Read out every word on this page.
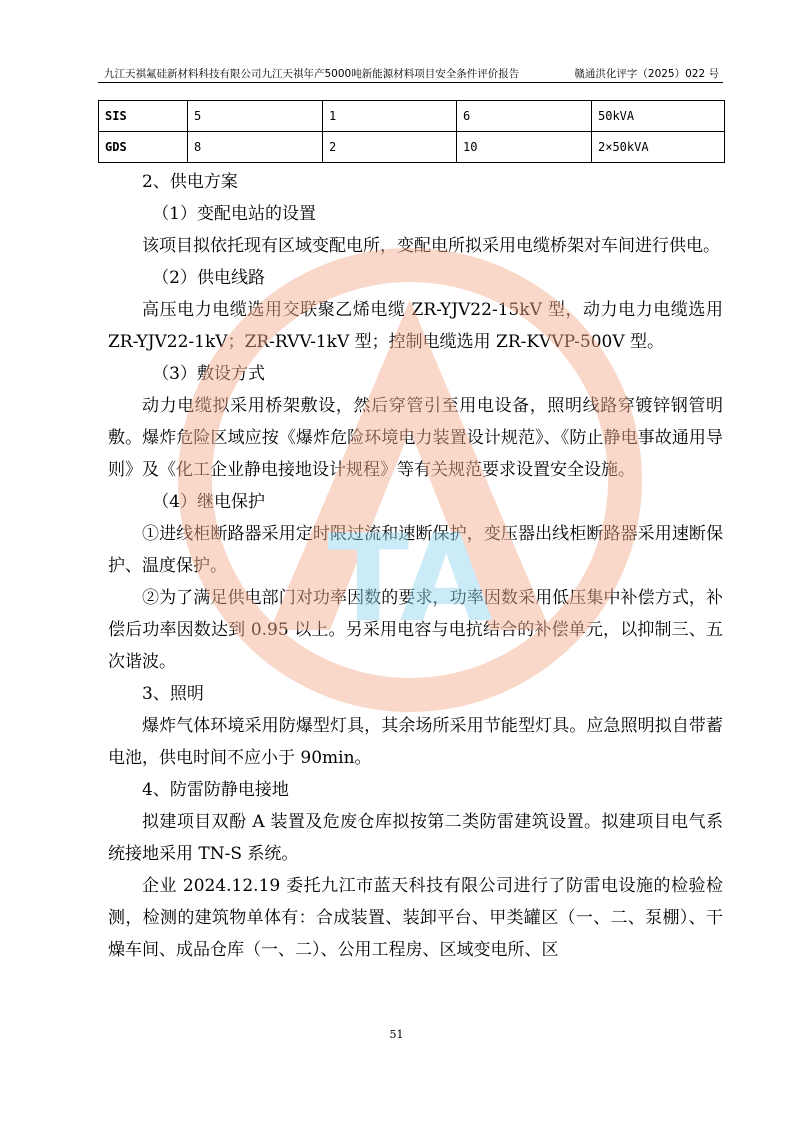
九江天祺氟硅新材料科技有限公司九江天祺年产5000吨新能源材料项目安全条件评价报告	赣通洪化评字（2025）022 号
SIS	5	1	6	50kVA
GDS	8	2	10	2×50kVA

2、供电方案

（1）变配电站的设置

该项目拟依托现有区域变配电所，变配电所拟采用电缆桥架对车间进行供电。

（2）供电线路

高压电力电缆选用交联聚乙烯电缆 ZR-YJV22-15kV 型，动力电力电缆选用 ZR-YJV22-1kV；ZR-RVV-1kV 型；控制电缆选用 ZR-KVVP-500V 型。

（3）敷设方式

动力电缆拟采用桥架敷设，然后穿管引至用电设备，照明线路穿镀锌钢管明敷。爆炸危险区域应按《爆炸危险环境电力装置设计规范》、《防止静电事故通用导则》及《化工企业静电接地设计规程》等有关规范要求设置安全设施。

（4）继电保护

①进线柜断路器采用定时限过流和速断保护，变压器出线柜断路器采用速断保护、温度保护。

②为了满足供电部门对功率因数的要求，功率因数采用低压集中补偿方式，补偿后功率因数达到 0.95 以上。另采用电容与电抗结合的补偿单元，以抑制三、五次谐波。

3、照明

爆炸气体环境采用防爆型灯具，其余场所采用节能型灯具。应急照明拟自带蓄电池，供电时间不应小于 90min。

4、防雷防静电接地

拟建项目双酚 A 装置及危废仓库拟按第二类防雷建筑设置。拟建项目电气系统接地采用 TN-S 系统。

企业 2024.12.19 委托九江市蓝天科技有限公司进行了防雷电设施的检验检测，检测的建筑物单体有：合成装置、装卸平台、甲类罐区（一、二、泵棚）、干燥车间、成品仓库（一、二）、公用工程房、区域变电所、区

TA
51
